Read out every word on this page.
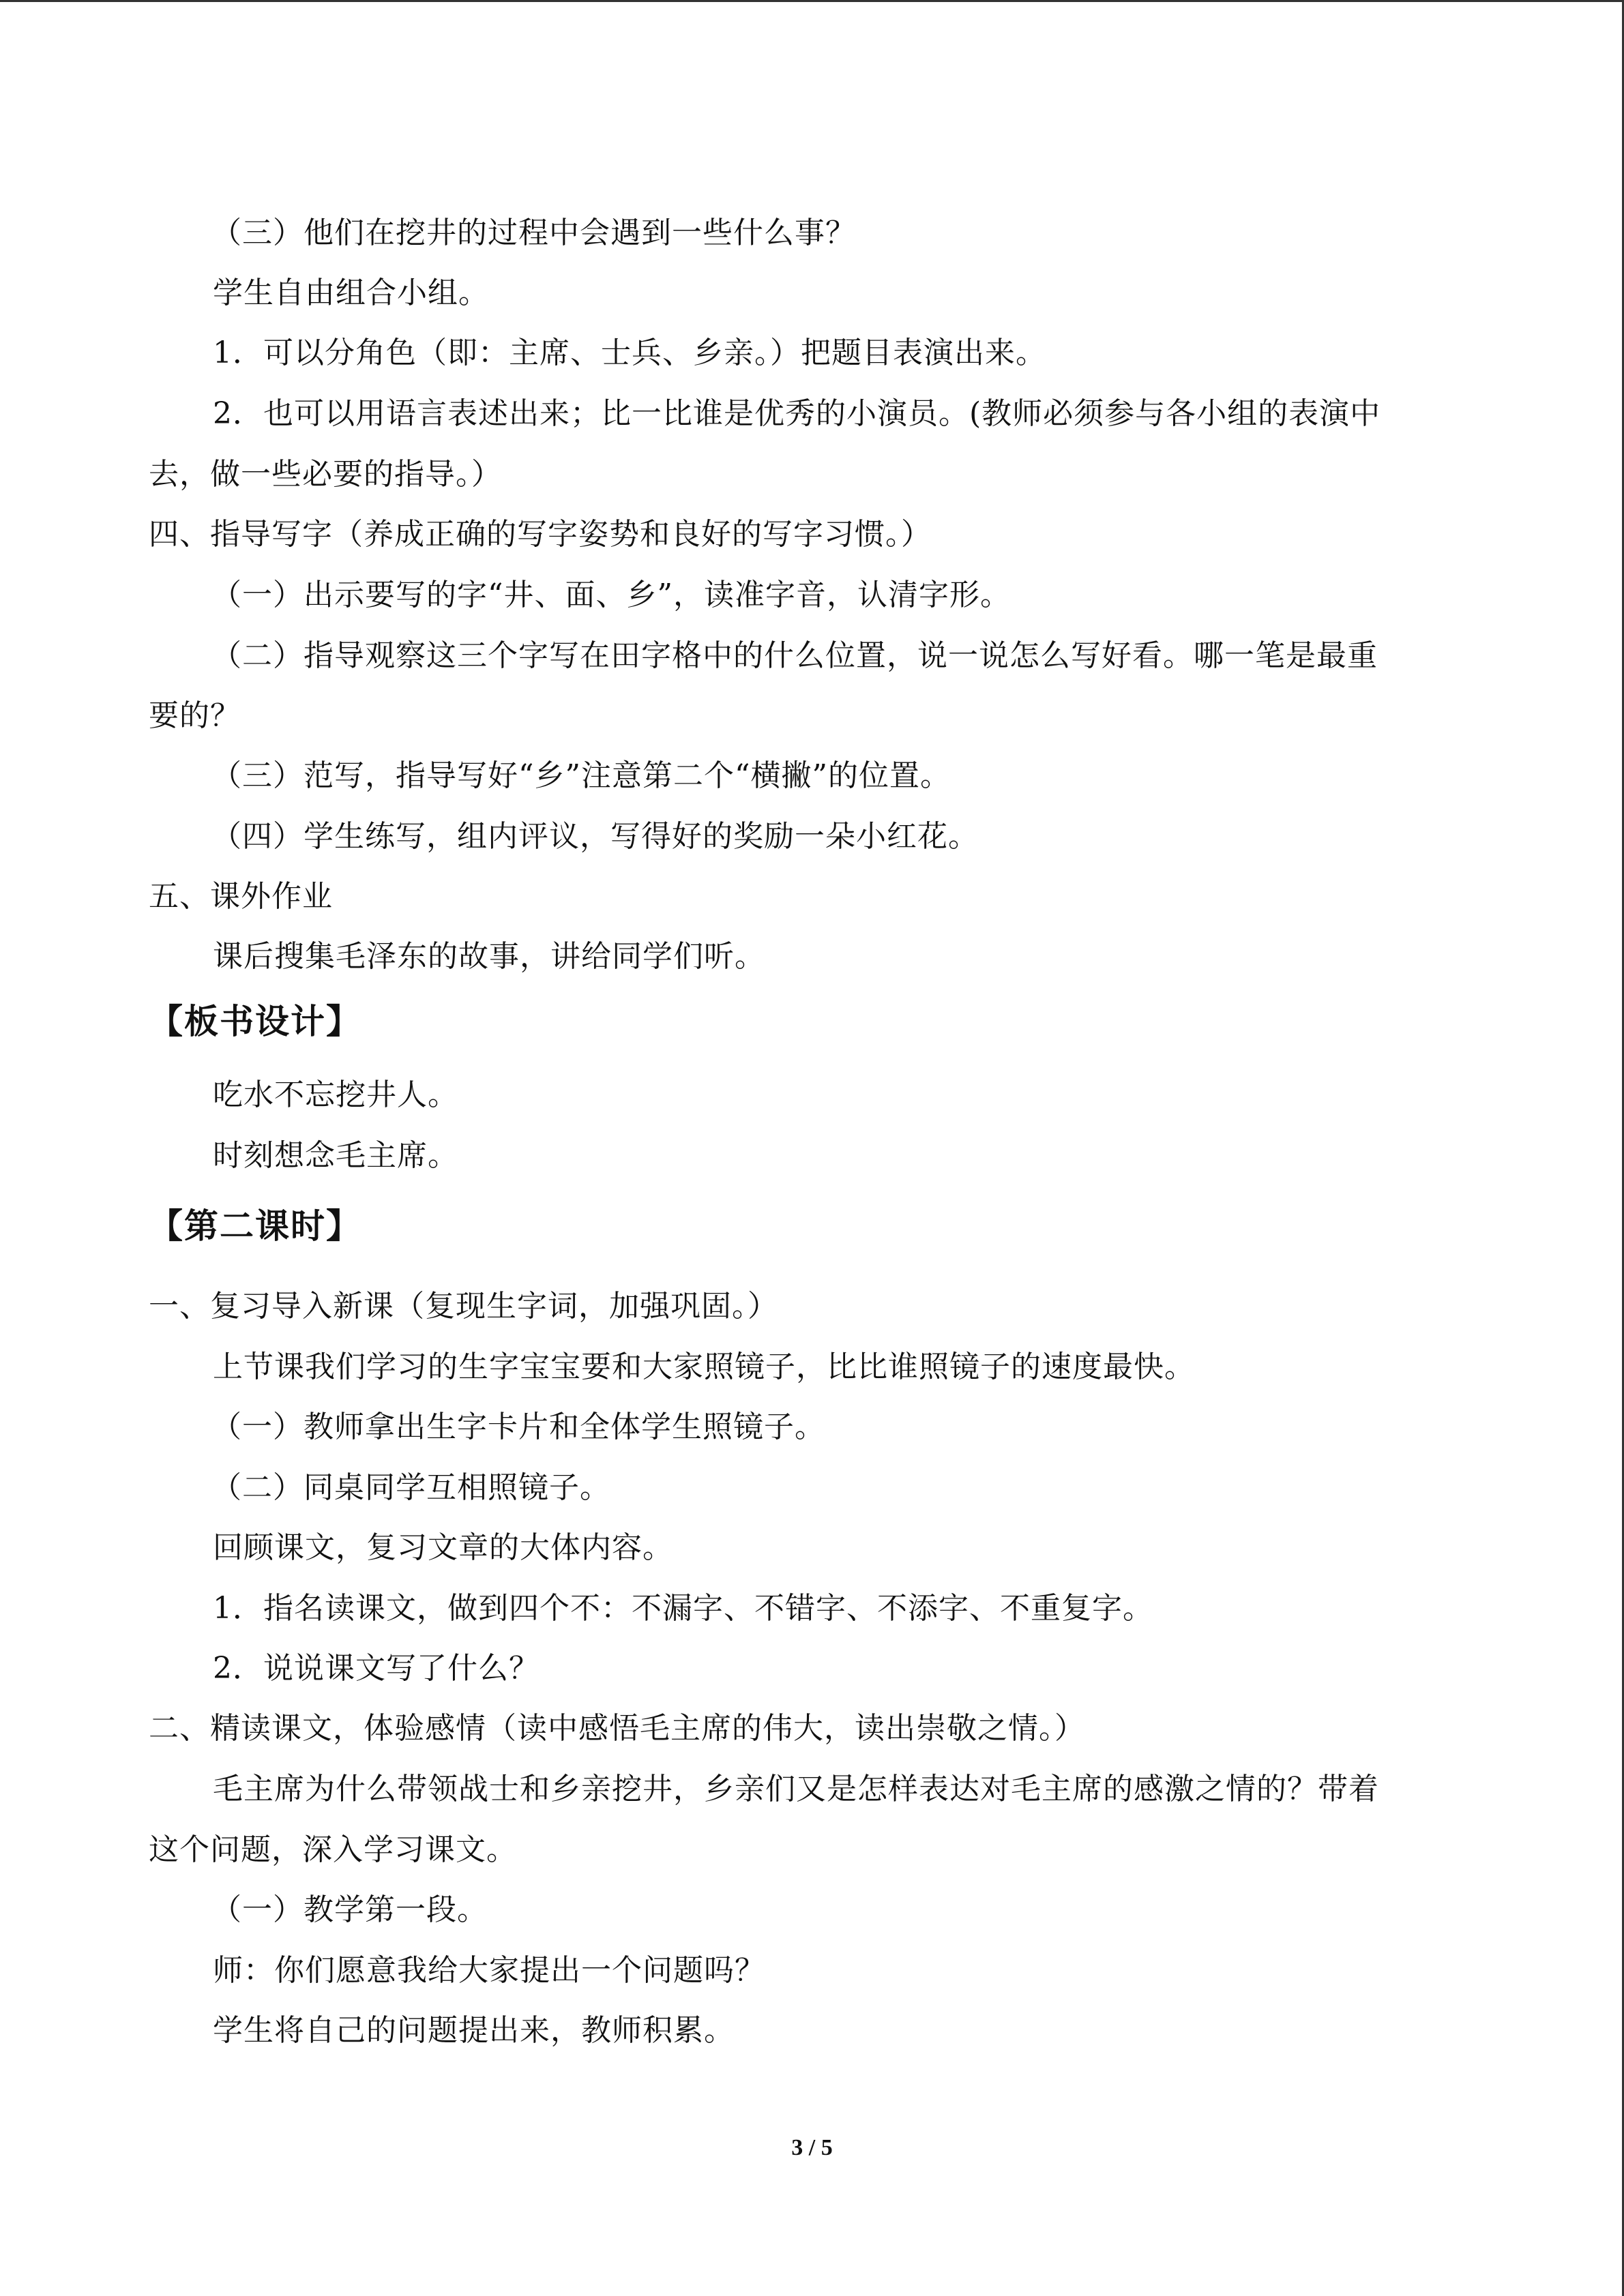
（三）他们在挖井的过程中会遇到一些什么事？
学生自由组合小组。
1．可以分角色（即：主席、士兵、乡亲。）把题目表演出来。
2．也可以用语言表述出来；比一比谁是优秀的小演员。(教师必须参与各小组的表演中
去，做一些必要的指导。）
四、指导写字（养成正确的写字姿势和良好的写字习惯。）
（一）出示要写的字“井、面、乡”，读准字音，认清字形。
（二）指导观察这三个字写在田字格中的什么位置，说一说怎么写好看。哪一笔是最重
要的？
（三）范写，指导写好“乡”注意第二个“横撇”的位置。
（四）学生练写，组内评议，写得好的奖励一朵小红花。
五、课外作业
课后搜集毛泽东的故事，讲给同学们听。
【板书设计】
吃水不忘挖井人。
时刻想念毛主席。
【第二课时】
一、复习导入新课（复现生字词，加强巩固。）
上节课我们学习的生字宝宝要和大家照镜子，比比谁照镜子的速度最快。
（一）教师拿出生字卡片和全体学生照镜子。
（二）同桌同学互相照镜子。
回顾课文，复习文章的大体内容。
1．指名读课文，做到四个不：不漏字、不错字、不添字、不重复字。
2．说说课文写了什么？
二、精读课文，体验感情（读中感悟毛主席的伟大，读出崇敬之情。）
毛主席为什么带领战士和乡亲挖井，乡亲们又是怎样表达对毛主席的感激之情的？带着
这个问题，深入学习课文。
（一）教学第一段。
师：你们愿意我给大家提出一个问题吗？
学生将自己的问题提出来，教师积累。
3 / 5
